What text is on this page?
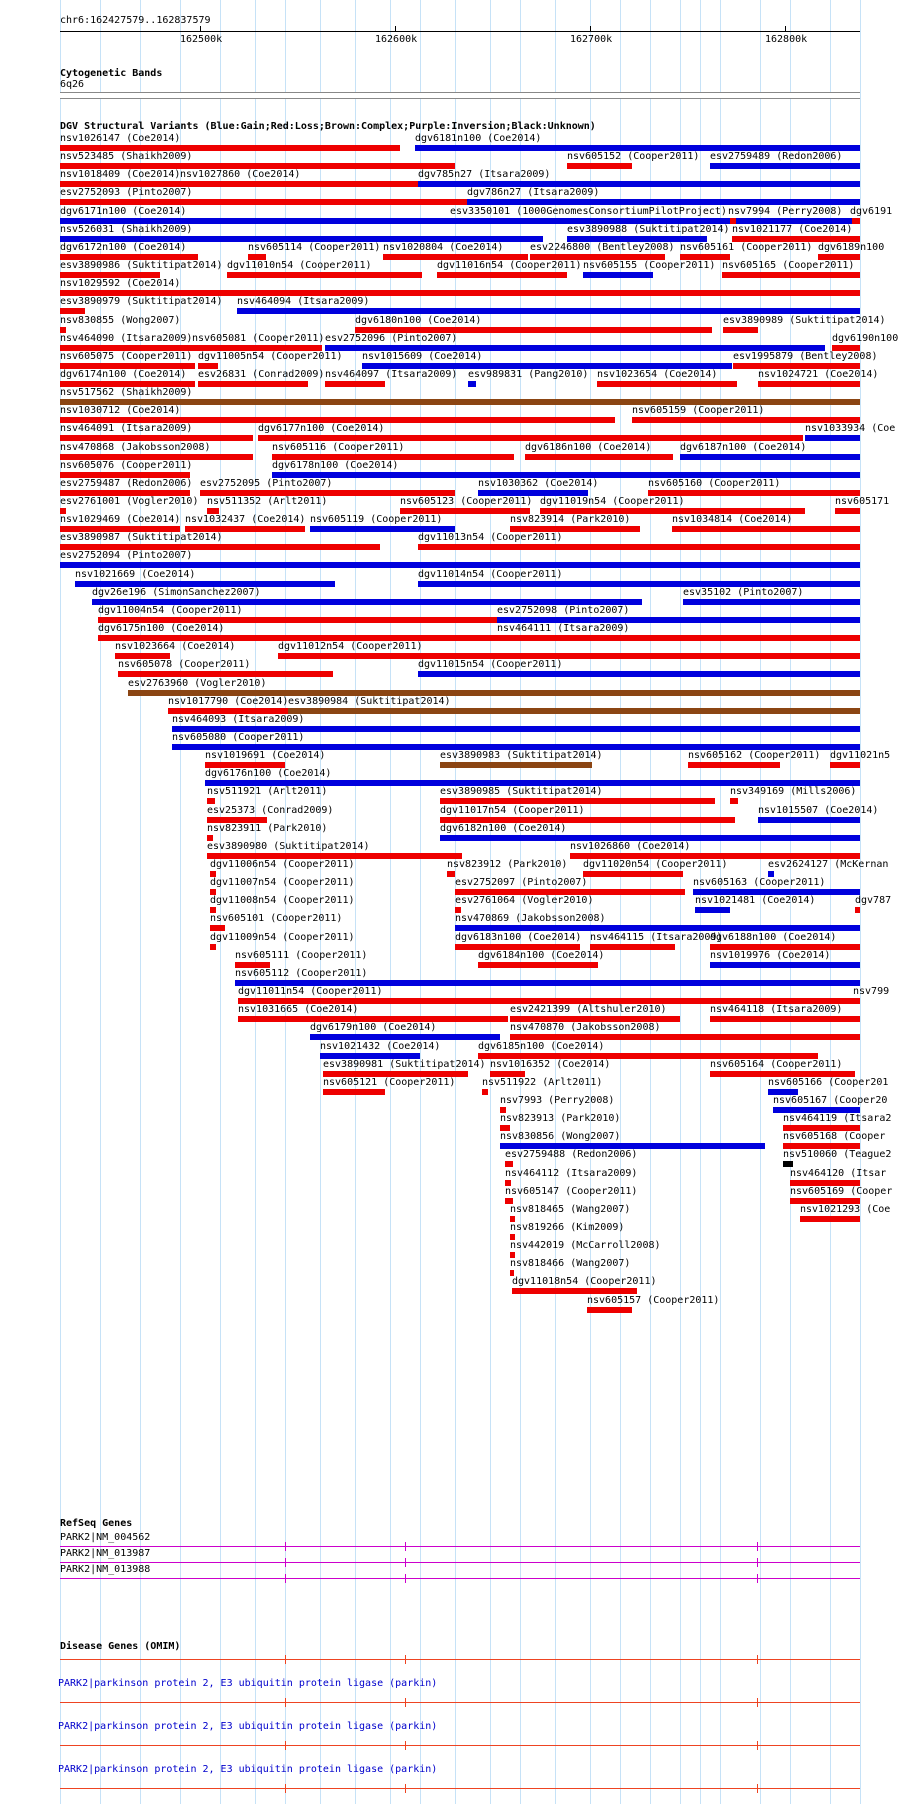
chr6:162427579..162837579
162500k	162600k	162700k	162800k
Cytogenetic Bands
6q26
DGV Structural Variants (Blue:Gain;Red:Loss;Brown:Complex;Purple:Inversion;Black:Unknown)
nsv1026147 (Coe2014)	dgv6181n100 (Coe2014)
nsv523485 (Shaikh2009)	nsv605152 (Cooper2011) esv2759489 (Redon2006)
nsv1018409 (Coe2014) nsv1027860 (Coe2014)	dgv785n27 (Itsara2009)
esv2752093 (Pinto2007)	dgv786n27 (Itsara2009)
dgv6171n100 (Coe2014)	esv3350101 (1000GenomesConsortiumPilotProject) nsv7994 (Perry2008) dgv6191
nsv526031 (Shaikh2009)	esv3890988 (Suktitipat2014) nsv1021177 (Coe2014)
dgv6172n100 (Coe2014)	nsv605114 (Cooper2011) nsv1020804 (Coe2014)	esv2246800 (Bentley2008) nsv605161 (Cooper2011) dgv6189n100
esv3890986 (Suktitipat2014) dgv11010n54 (Cooper2011)	dgv11016n54 (Cooper2011) nsv605155 (Cooper2011) nsv605165 (Cooper2011)
nsv1029592 (Coe2014)
esv3890979 (Suktitipat2014) nsv464094 (Itsara2009)
nsv830855 (Wong2007)	dgv6180n100 (Coe2014)	esv3890989 (Suktitipat2014)
nsv464090 (Itsara2009) nsv605081 (Cooper2011) esv2752096 (Pinto2007)	dgv6190n100
nsv605075 (Cooper2011) dgv11005n54 (Cooper2011) nsv1015609 (Coe2014)	esv1995879 (Bentley2008)
dgv6174n100 (Coe2014) esv26831 (Conrad2009) nsv464097 (Itsara2009) esv989831 (Pang2010) nsv1023654 (Coe2014)	nsv1024721 (Coe2014)
nsv517562 (Shaikh2009)
nsv1030712 (Coe2014)	nsv605159 (Cooper2011)
nsv464091 (Itsara2009)	dgv6177n100 (Coe2014)	nsv1033934 (Coe
nsv470868 (Jakobsson2008)	nsv605116 (Cooper2011)	dgv6186n100 (Coe2014)	dgv6187n100 (Coe2014)
nsv605076 (Cooper2011)	dgv6178n100 (Coe2014)
esv2759487 (Redon2006) esv2752095 (Pinto2007)	nsv1030362 (Coe2014)	nsv605160 (Cooper2011)
esv2761001 (Vogler2010) nsv511352 (Arlt2011)	nsv605123 (Cooper2011) dgv11019n54 (Cooper2011)	nsv605171
nsv1029469 (Coe2014) nsv1032437 (Coe2014) nsv605119 (Cooper2011)	nsv823914 (Park2010)	nsv1034814 (Coe2014)
esv3890987 (Suktitipat2014)	dgv11013n54 (Cooper2011)
esv2752094 (Pinto2007)
nsv1021669 (Coe2014)	dgv11014n54 (Cooper2011)
dgv26e196 (SimonSanchez2007)	esv35102 (Pinto2007)
dgv11004n54 (Cooper2011)	esv2752098 (Pinto2007)
dgv6175n100 (Coe2014)	nsv464111 (Itsara2009)
nsv1023664 (Coe2014)	dgv11012n54 (Cooper2011)
nsv605078 (Cooper2011)	dgv11015n54 (Cooper2011)
esv2763960 (Vogler2010)
nsv1017790 (Coe2014) esv3890984 (Suktitipat2014)
nsv464093 (Itsara2009)
nsv605080 (Cooper2011)
nsv1019691 (Coe2014)	esv3890983 (Suktitipat2014)	nsv605162 (Cooper2011) dgv11021n5
dgv6176n100 (Coe2014)
nsv511921 (Arlt2011)	esv3890985 (Suktitipat2014)	nsv349169 (Mills2006)
esv25373 (Conrad2009)	dgv11017n54 (Cooper2011)	nsv1015507 (Coe2014)
nsv823911 (Park2010)	dgv6182n100 (Coe2014)
esv3890980 (Suktitipat2014)	nsv1026860 (Coe2014)
dgv11006n54 (Cooper2011)	nsv823912 (Park2010) dgv11020n54 (Cooper2011)	esv2624127 (McKernan
dgv11007n54 (Cooper2011)	esv2752097 (Pinto2007)	nsv605163 (Cooper2011)
dgv11008n54 (Cooper2011)	esv2761064 (Vogler2010)	nsv1021481 (Coe2014)	dgv787
nsv605101 (Cooper2011)	nsv470869 (Jakobsson2008)
dgv11009n54 (Cooper2011)	dgv6183n100 (Coe2014) nsv464115 (Itsara2009)
dgv6188n100 (Coe2014)
nsv605111 (Cooper2011)	dgv6184n100 (Coe2014)	nsv1019976 (Coe2014)
nsv605112 (Cooper2011)
dgv11011n54 (Cooper2011)	nsv799
nsv1031665 (Coe2014)	esv2421399 (Altshuler2010)	nsv464118 (Itsara2009)
dgv6179n100 (Coe2014)	nsv470870 (Jakobsson2008)
nsv1021432 (Coe2014)	dgv6185n100 (Coe2014)
esv3890981 (Suktitipat2014) nsv1016352 (Coe2014)	nsv605164 (Cooper2011)
nsv605121 (Cooper2011)	nsv511922 (Arlt2011)	nsv605166 (Cooper201
nsv7993 (Perry2008)	nsv605167 (Cooper20
nsv823913 (Park2010)	nsv464119 (Itsara2
nsv830856 (Wong2007)	nsv605168 (Cooper
esv2759488 (Redon2006)	nsv510060 (Teague2
nsv464112 (Itsara2009)	nsv464120 (Itsar
nsv605147 (Cooper2011)	nsv605169 (Cooper
nsv818465 (Wang2007)	nsv1021293 (Coe
nsv819266 (Kim2009)
nsv442019 (McCarroll2008)
nsv818466 (Wang2007)
dgv11018n54 (Cooper2011)
nsv605157 (Cooper2011)
RefSeq Genes
PARK2|NM_004562
PARK2|NM_013987
PARK2|NM_013988
Disease Genes (OMIM)
PARK2|parkinson protein 2, E3 ubiquitin protein ligase (parkin)
PARK2|parkinson protein 2, E3 ubiquitin protein ligase (parkin)
PARK2|parkinson protein 2, E3 ubiquitin protein ligase (parkin)
